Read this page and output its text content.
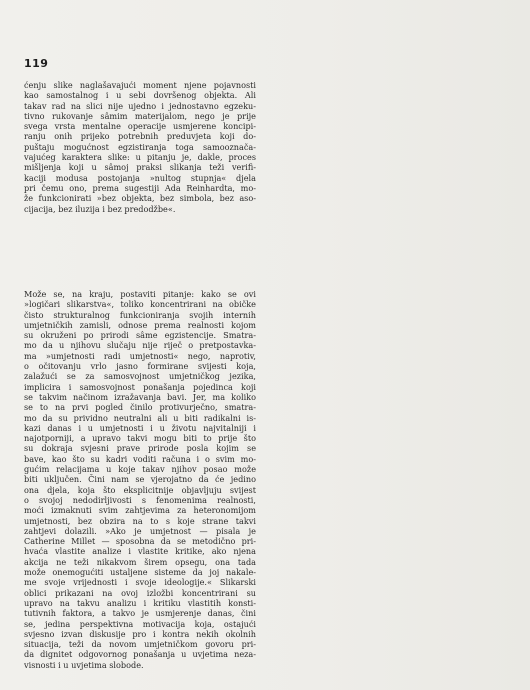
119
ćenju slike naglašavajući moment njene pojavnosti
kao samostalnog i u sebi dovršenog objekta. Ali
takav rad na slici nije ujedno i jednostavno egzeku-
tivno rukovanje sâmim materijalom, nego je prije
svega vrsta mentalne operacije usmjerene koncipi-
ranju onih prijeko potrebnih preduvjeta koji do-
puštaju mogućnost egzistiranja toga samooznača-
vajućeg karaktera slike: u pitanju je, dakle, proces
mišljenja koji u sâmoj praksi slikanja teži verifi-
kaciji modusa postojanja »nultog stupnja« djela
pri čemu ono, prema sugestiji Ada Reinhardta, mo-
že funkcionirati »bez objekta, bez simbola, bez aso-
cijacija, bez iluzija i bez predodžbe«.
Može se, na kraju, postaviti pitanje: kako se ovi
»logičari slikarstva«, toliko koncentrirani na običke
čisto strukturalnog funkcioniranja svojih internih
umjetničkih zamisli, odnose prema realnosti kojom
su okruženi po prirodi sâme egzistencije. Smatra-
mo da u njihovu slučaju nije riječ o pretpostavka-
ma »umjetnosti radi umjetnosti« nego, naprotiv,
o očitovanju vrlo jasno formirane svijesti koja,
zalažući se za samosvojnost umjetničkog jezika,
implicira i samosvojnost ponašanja pojedinca koji
se takvim načinom izražavanja bavi. Jer, ma koliko
se to na prvi pogled činilo protivurječno, smatra-
mo da su prividno neutralni ali u biti radikalni is-
kazi danas i u umjetnosti i u životu najvitalniji i
najotporniji, a upravo takvi mogu biti to prije što
su dokraja svjesni prave prirode posla kojim se
bave, kao što su kadri voditi računa i o svim mo-
gućim relacijama u koje takav njihov posao može
biti uključen. Čini nam se vjerojatno da će jedino
ona djela, koja što eksplicitnije objavljuju svijest
o svojoj nedodirljivosti s fenomenima realnosti,
moći izmaknuti svim zahtjevima za heteronomijom
umjetnosti, bez obzira na to s koje strane takvi
zahtjevi dolazili. »Ako je umjetnost — pisala je
Catherine Millet — sposobna da se metodično pri-
hvaća vlastite analize i vlastite kritike, ako njena
akcija ne teži nikakvom širem opsegu, ona tada
može onemogućiti ustaljene sisteme da joj nakale-
me svoje vrijednosti i svoje ideologije.« Slikarski
oblici prikazani na ovoj izložbi koncentrirani su
upravo na takvu analizu i kritiku vlastitih konsti-
tutivnih faktora, a takvo je usmjerenje danas, čini
se, jedina perspektivna motivacija koja, ostajući
svjesno izvan diskusije pro i kontra nekih okolnih
situacija, teži da novom umjetničkom govoru pri-
da dignitet odgovornog ponašanja u uvjetima neza-
visnosti i u uvjetima slobode.
